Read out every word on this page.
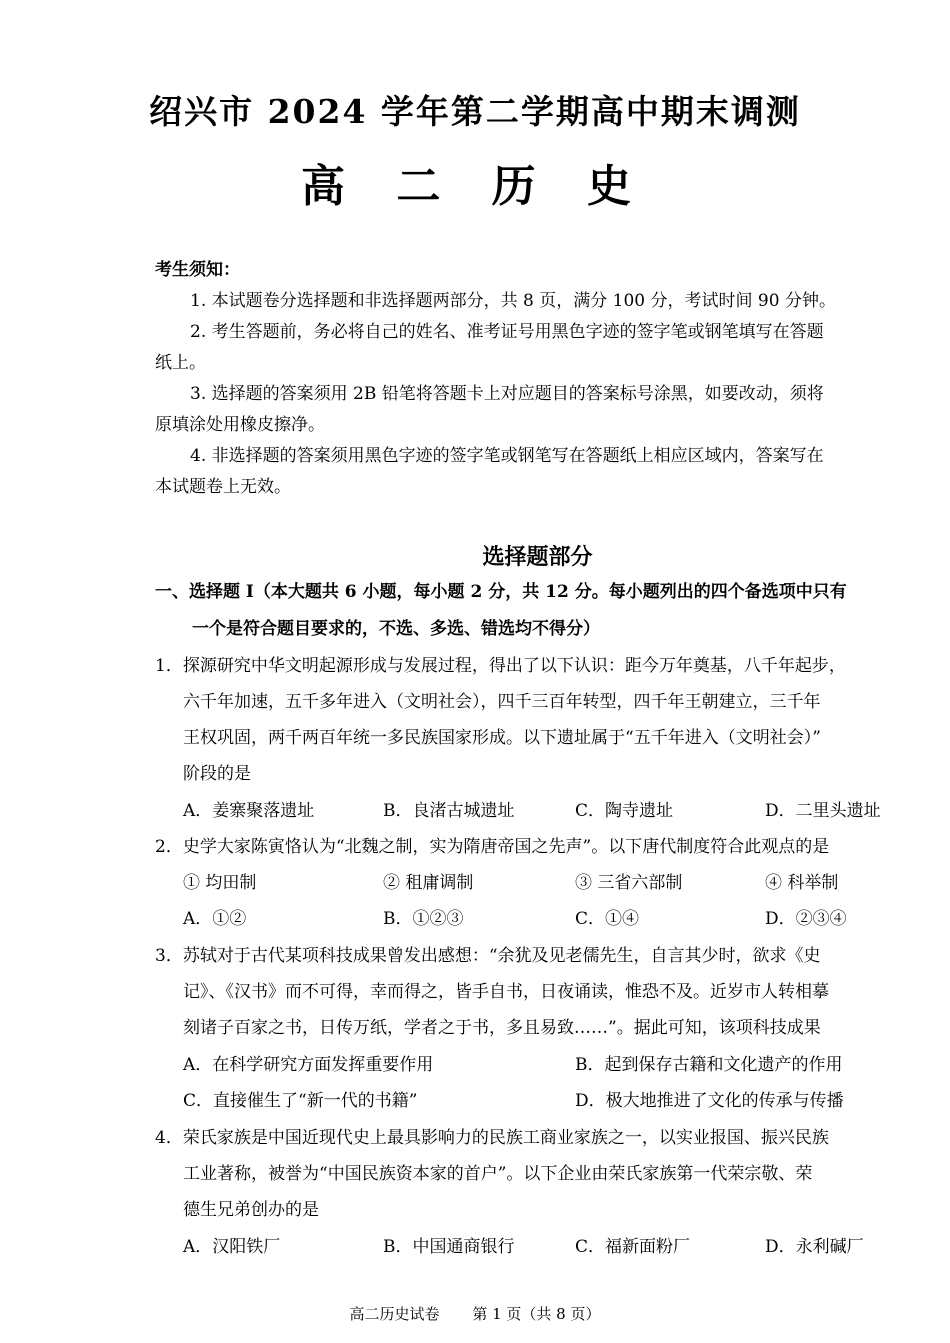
绍兴市 2024 学年第二学期高中期末调测
高 二 历 史
考生须知：
1. 本试题卷分选择题和非选择题两部分，共 8 页，满分 100 分，考试时间 90 分钟。
2. 考生答题前，务必将自己的姓名、准考证号用黑色字迹的签字笔或钢笔填写在答题
纸上。
3. 选择题的答案须用 2B 铅笔将答题卡上对应题目的答案标号涂黑，如要改动，须将
原填涂处用橡皮擦净。
4. 非选择题的答案须用黑色字迹的签字笔或钢笔写在答题纸上相应区域内，答案写在
本试题卷上无效。
选择题部分
一、选择题 I（本大题共 6 小题，每小题 2 分，共 12 分。每小题列出的四个备选项中只有
一个是符合题目要求的，不选、多选、错选均不得分）
1．探源研究中华文明起源形成与发展过程，得出了以下认识：距今万年奠基，八千年起步，
六千年加速，五千多年进入（文明社会），四千三百年转型，四千年王朝建立，三千年
王权巩固，两千两百年统一多民族国家形成。以下遗址属于“五千年进入（文明社会）”
阶段的是
A．姜寨聚落遗址	B．良渚古城遗址	C．陶寺遗址	D．二里头遗址
2．史学大家陈寅恪认为“北魏之制，实为隋唐帝国之先声”。以下唐代制度符合此观点的是
① 均田制	② 租庸调制	③ 三省六部制	④ 科举制
A．①②	B．①②③	C．①④	D．②③④
3．苏轼对于古代某项科技成果曾发出感想：“余犹及见老儒先生，自言其少时，欲求《史
记》、《汉书》而不可得，幸而得之，皆手自书，日夜诵读，惟恐不及。近岁市人转相摹
刻诸子百家之书，日传万纸，学者之于书，多且易致……”。据此可知，该项科技成果
A．在科学研究方面发挥重要作用	B．起到保存古籍和文化遗产的作用
C．直接催生了“新一代的书籍”	D．极大地推进了文化的传承与传播
4．荣氏家族是中国近现代史上最具影响力的民族工商业家族之一，以实业报国、振兴民族
工业著称，被誉为“中国民族资本家的首户”。以下企业由荣氏家族第一代荣宗敬、荣
德生兄弟创办的是
A．汉阳铁厂	B．中国通商银行	C．福新面粉厂	D．永利碱厂
高二历史试卷 第 1 页（共 8 页）
